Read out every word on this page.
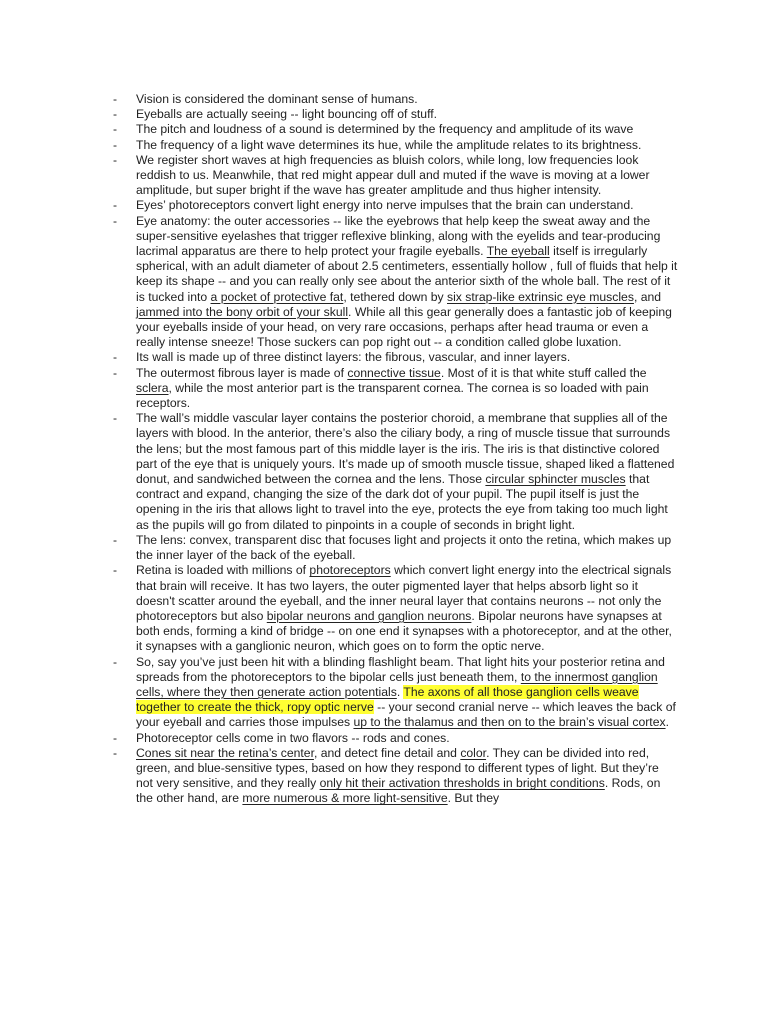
- Vision is considered the dominant sense of humans.
- Eyeballs are actually seeing -- light bouncing off of stuff.
- The pitch and loudness of a sound is determined by the frequency and amplitude of its wave
- The frequency of a light wave determines its hue, while the amplitude relates to its brightness.
- We register short waves at high frequencies as bluish colors, while long, low frequencies look reddish to us. Meanwhile, that red might appear dull and muted if the wave is moving at a lower amplitude, but super bright if the wave has greater amplitude and thus higher intensity.
- Eyes’ photoreceptors convert light energy into nerve impulses that the brain can understand.
- Eye anatomy: the outer accessories -- like the eyebrows that help keep the sweat away and the super-sensitive eyelashes that trigger reflexive blinking, along with the eyelids and tear-producing lacrimal apparatus are there to help protect your fragile eyeballs. The eyeball itself is irregularly spherical, with an adult diameter of about 2.5 centimeters, essentially hollow , full of fluids that help it keep its shape -- and you can really only see about the anterior sixth of the whole ball. The rest of it is tucked into a pocket of protective fat, tethered down by six strap-like extrinsic eye muscles, and jammed into the bony orbit of your skull. While all this gear generally does a fantastic job of keeping your eyeballs inside of your head, on very rare occasions, perhaps after head trauma or even a really intense sneeze! Those suckers can pop right out -- a condition called globe luxation.
- Its wall is made up of three distinct layers: the fibrous, vascular, and inner layers.
- The outermost fibrous layer is made of connective tissue. Most of it is that white stuff called the sclera, while the most anterior part is the transparent cornea. The cornea is so loaded with pain receptors.
- The wall’s middle vascular layer contains the posterior choroid, a membrane that supplies all of the layers with blood. In the anterior, there’s also the ciliary body, a ring of muscle tissue that surrounds the lens; but the most famous part of this middle layer is the iris. The iris is that distinctive colored part of the eye that is uniquely yours. It’s made up of smooth muscle tissue, shaped liked a flattened donut, and sandwiched between the cornea and the lens. Those circular sphincter muscles that contract and expand, changing the size of the dark dot of your pupil. The pupil itself is just the opening in the iris that allows light to travel into the eye, protects the eye from taking too much light as the pupils will go from dilated to pinpoints in a couple of seconds in bright light.
- The lens: convex, transparent disc that focuses light and projects it onto the retina, which makes up the inner layer of the back of the eyeball.
- Retina is loaded with millions of photoreceptors which convert light energy into the electrical signals that brain will receive. It has two layers, the outer pigmented layer that helps absorb light so it doesn't scatter around the eyeball, and the inner neural layer that contains neurons -- not only the photoreceptors but also bipolar neurons and ganglion neurons. Bipolar neurons have synapses at both ends, forming a kind of bridge -- on one end it synapses with a photoreceptor, and at the other, it synapses with a ganglionic neuron, which goes on to form the optic nerve.
- So, say you’ve just been hit with a blinding flashlight beam. That light hits your posterior retina and spreads from the photoreceptors to the bipolar cells just beneath them, to the innermost ganglion cells, where they then generate action potentials. The axons of all those ganglion cells weave together to create the thick, ropy optic nerve -- your second cranial nerve -- which leaves the back of your eyeball and carries those impulses up to the thalamus and then on to the brain’s visual cortex.
- Photoreceptor cells come in two flavors -- rods and cones.
- Cones sit near the retina’s center, and detect fine detail and color. They can be divided into red, green, and blue-sensitive types, based on how they respond to different types of light. But they’re not very sensitive, and they really only hit their activation thresholds in bright conditions. Rods, on the other hand, are more numerous & more light-sensitive. But they
